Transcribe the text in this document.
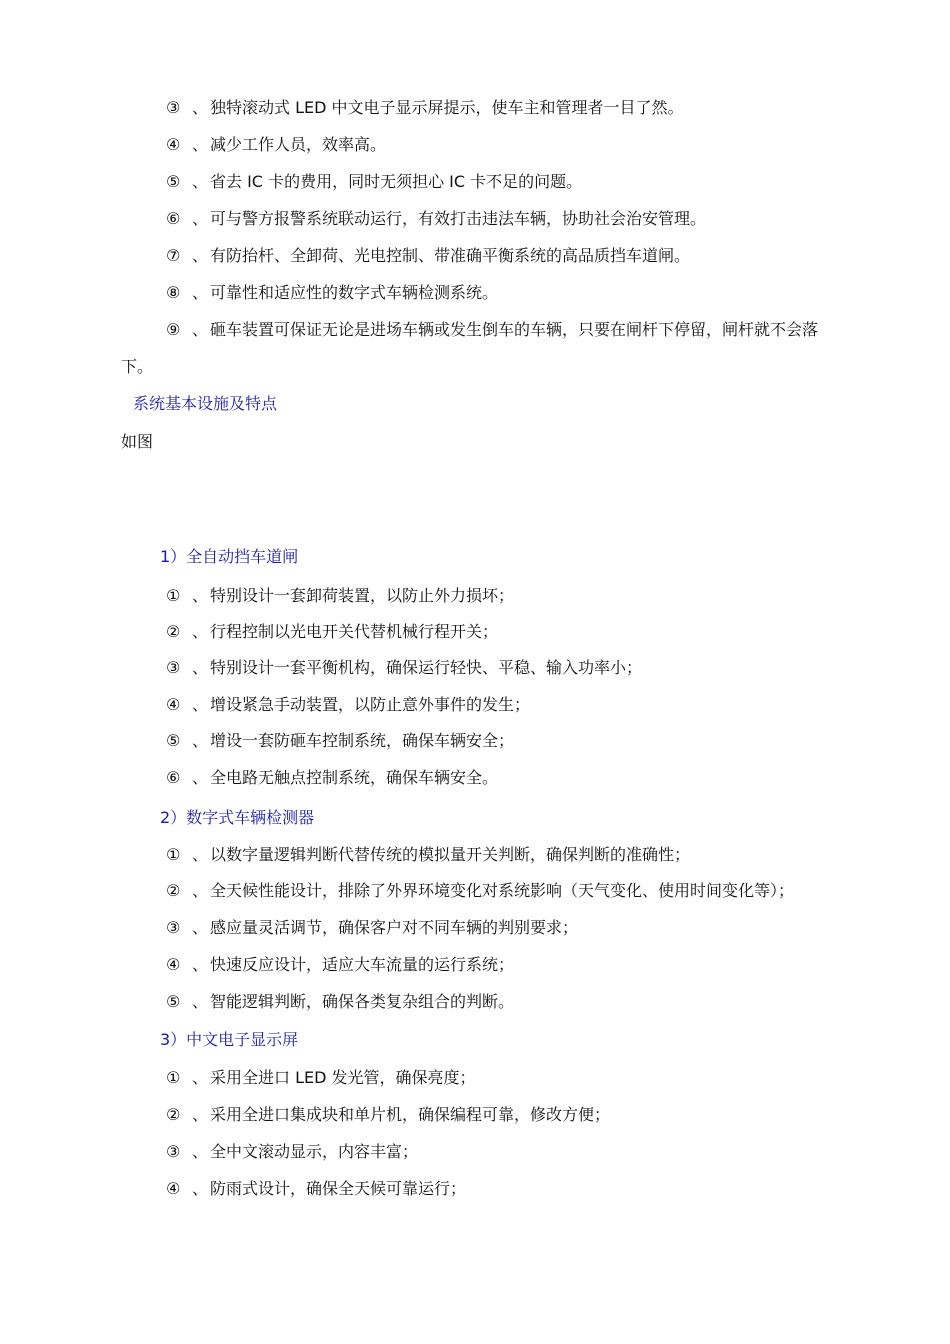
③ 、 独特滚动式 LED 中文电子显示屏提示，使车主和管理者一目了然。
④ 、 减少工作人员，效率高。
⑤ 、 省去 IC 卡的费用，同时无须担心 IC 卡不足的问题。
⑥ 、 可与警方报警系统联动运行，有效打击违法车辆，协助社会治安管理。
⑦ 、 有防抬杆、全卸荷、光电控制、带准确平衡系统的高品质挡车道闸。
⑧ 、 可靠性和适应性的数字式车辆检测系统。
⑨ 、 砸车装置可保证无论是进场车辆或发生倒车的车辆，只要在闸杆下停留，闸杆就不会落
下。
系统基本设施及特点
如图
1）全自动挡车道闸
① 、 特别设计一套卸荷装置，以防止外力损坏；
② 、 行程控制以光电开关代替机械行程开关；
③ 、 特别设计一套平衡机构，确保运行轻快、平稳、输入功率小；
④ 、 增设紧急手动装置，以防止意外事件的发生；
⑤ 、 增设一套防砸车控制系统，确保车辆安全；
⑥ 、 全电路无触点控制系统，确保车辆安全。
2）数字式车辆检测器
① 、 以数字量逻辑判断代替传统的模拟量开关判断，确保判断的准确性；
② 、 全天候性能设计，排除了外界环境变化对系统影响（天气变化、使用时间变化等）；
③ 、 感应量灵活调节，确保客户对不同车辆的判别要求；
④ 、 快速反应设计，适应大车流量的运行系统；
⑤ 、 智能逻辑判断，确保各类复杂组合的判断。
3）中文电子显示屏
① 、 采用全进口 LED 发光管，确保亮度；
② 、 采用全进口集成块和单片机，确保编程可靠，修改方便；
③ 、 全中文滚动显示，内容丰富；
④ 、 防雨式设计，确保全天候可靠运行；
